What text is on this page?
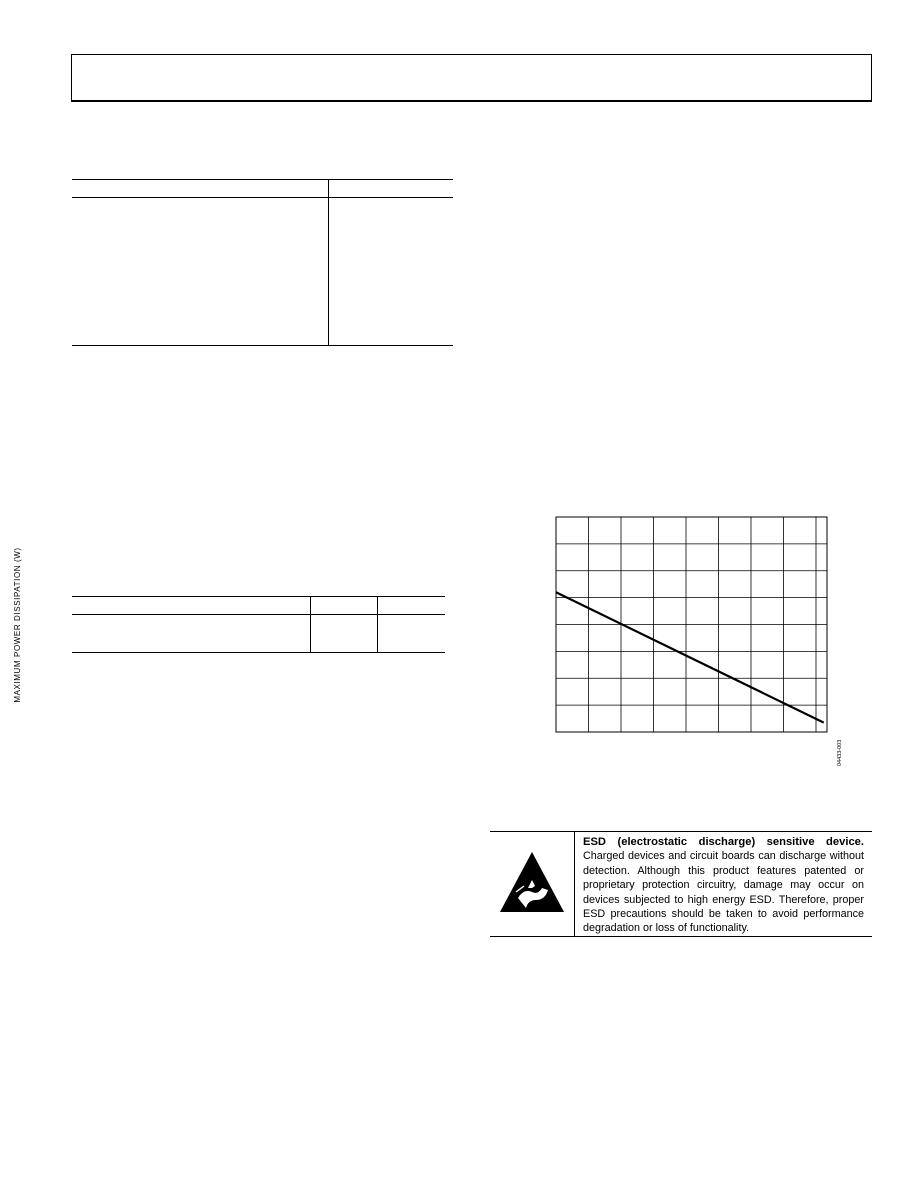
MAXIMUM POWER DISSIPATION (W)
04433-003
ESD (electrostatic discharge) sensitive device.
Charged devices and circuit boards can discharge without detection. Although this product features patented or proprietary protection circuitry, damage may occur on devices subjected to high energy ESD. Therefore, proper ESD precautions should be taken to avoid performance degradation or loss of functionality.
